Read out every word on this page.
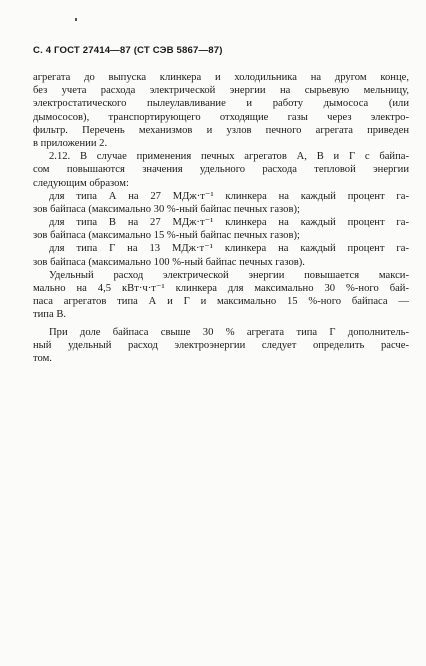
С. 4 ГОСТ 27414—87 (СТ СЭВ 5867—87)
агрегата до выпуска клинкера и холодильника на другом конце,
без учета расхода электрической энергии на сырьевую мельницу,
электростатического пылеулавливание и работу дымососа (или
дымососов), транспортирующего отходящие газы через электро-
фильтр. Перечень механизмов и узлов печного агрегата приведен
в приложении 2.
2.12. В случае применения печных агрегатов А, В и Г с байпа-
сом повышаются значения удельного расхода тепловой энергии
следующим образом:
для типа А на 27 МДж·т⁻¹ клинкера на каждый процент га-
зов байпаса (максимально 30 %-ный байпас печных газов);
для типа В на 27 МДж·т⁻¹ клинкера на каждый процент га-
зов байпаса (максимально 15 %-ный байпас печных газов);
для типа Г на 13 МДж·т⁻¹ клинкера на каждый процент га-
зов байпаса (максимально 100 %-ный байпас печных газов).
Удельный расход электрической энергии повышается макси-
мально на 4,5 кВт·ч·т⁻¹ клинкера для максимально 30 %-ного бай-
паса агрегатов типа А и Г и максимально 15 %-ного байпаса —
типа В.
При доле байпаса свыше 30 % агрегата типа Г дополнитель-
ный удельный расход электроэнергии следует определить расче-
том.
